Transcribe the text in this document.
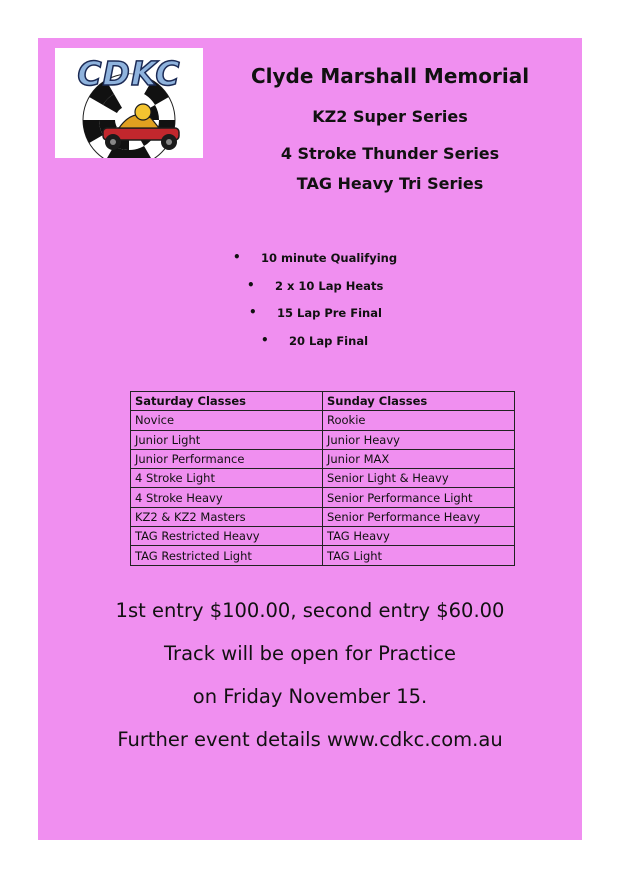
CDKC	Clyde Marshall Memorial
KZ2 Super Series
4 Stroke Thunder Series
TAG Heavy Tri Series
• 10 minute Qualifying
• 2 x 10 Lap Heats
• 15 Lap Pre Final
• 20 Lap Final
Saturday Classes	Sunday Classes
Novice	Rookie
Junior Light	Junior Heavy
Junior Performance	Junior MAX
4 Stroke Light	Senior Light & Heavy
4 Stroke Heavy	Senior Performance Light
KZ2 & KZ2 Masters	Senior Performance Heavy
TAG Restricted Heavy	TAG Heavy
TAG Restricted Light	TAG Light
1st entry $100.00, second entry $60.00
Track will be open for Practice
on Friday November 15.
Further event details www.cdkc.com.au
